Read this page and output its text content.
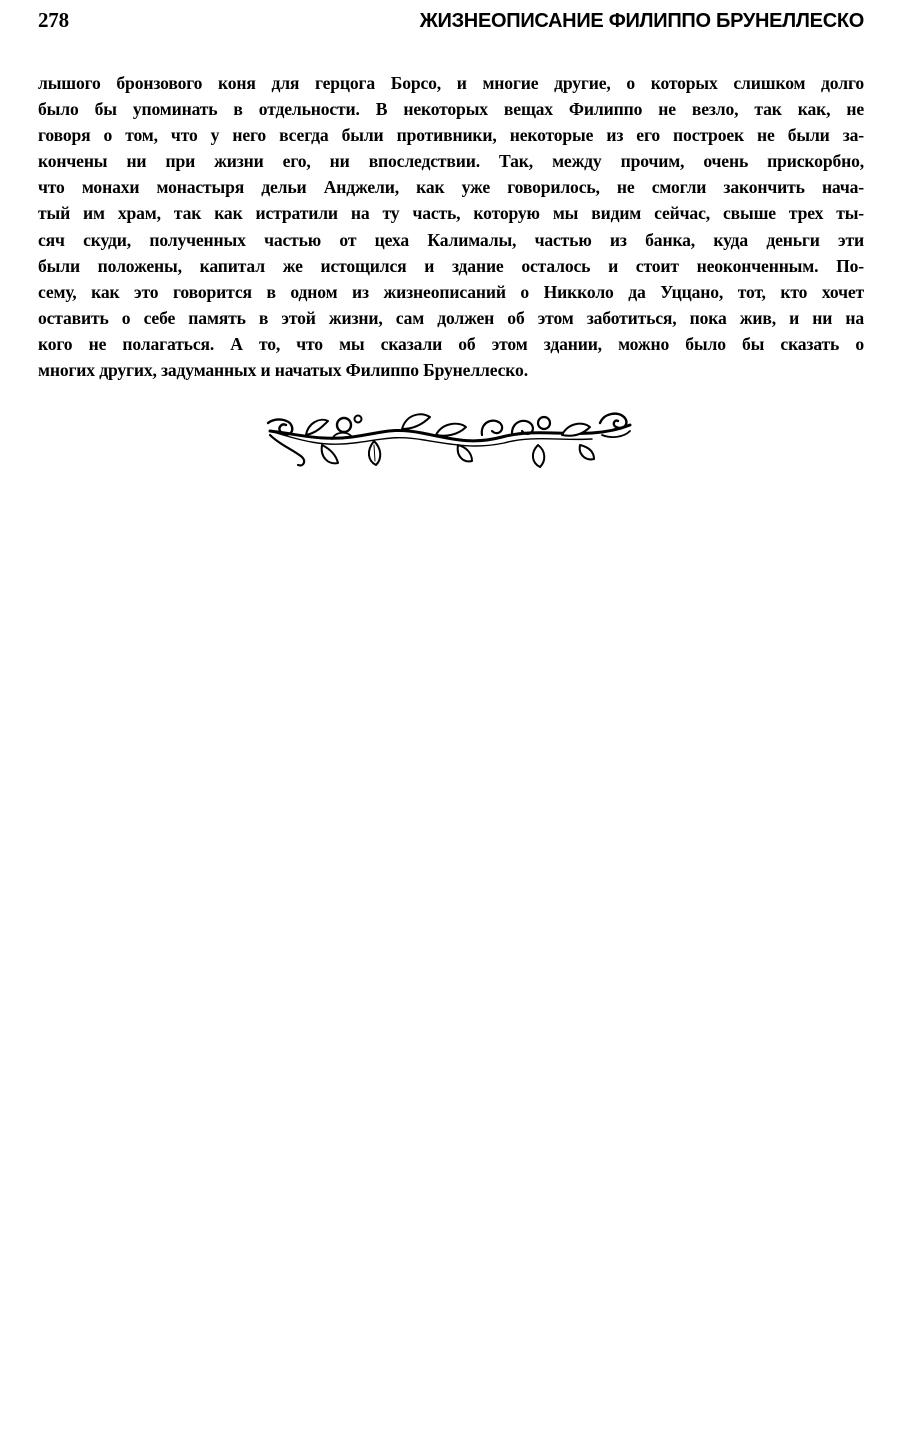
278	ЖИЗНЕОПИСАНИЕ ФИЛИППО БРУНЕЛЛЕСКО
лышого бронзового коня для герцога Борсо, и многие другие, о которых слишком долго
было бы упоминать в отдельности. В некоторых вещах Филиппо не везло, так как, не
говоря о том, что у него всегда были противники, некоторые из его построек не были за-
кончены ни при жизни его, ни впоследствии. Так, между прочим, очень прискорбно,
что монахи монастыря дельи Анджели, как уже говорилось, не смогли закончить нача-
тый им храм, так как истратили на ту часть, которую мы видим сейчас, свыше трех ты-
сяч скуди, полученных частью от цеха Калималы, частью из банка, куда деньги эти
были положены, капитал же истощился и здание осталось и стоит неоконченным. По-
сему, как это говорится в одном из жизнеописаний о Никколо да Уццано, тот, кто хочет
оставить о себе память в этой жизни, сам должен об этом заботиться, пока жив, и ни на
кого не полагаться. А то, что мы сказали об этом здании, можно было бы сказать о
многих других, задуманных и начатых Филиппо Брунеллеско.
